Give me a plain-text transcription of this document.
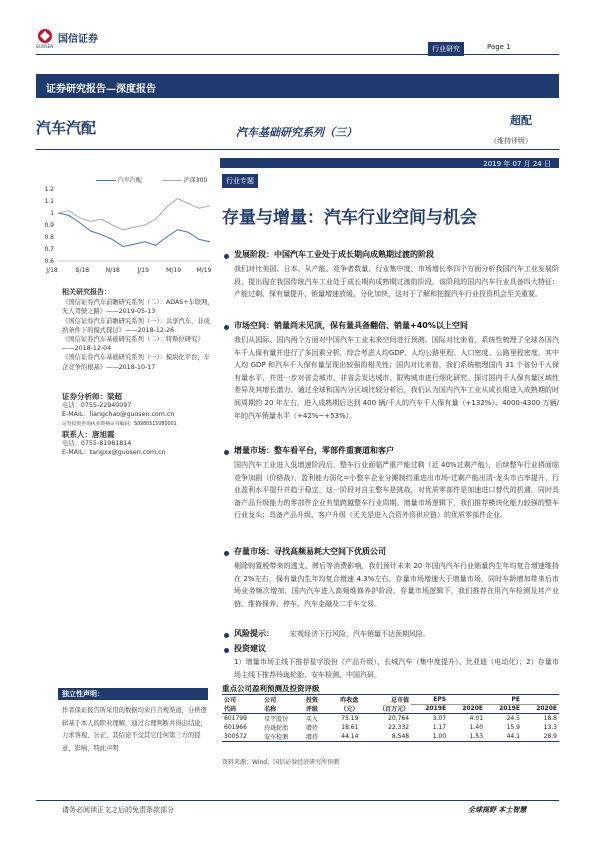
GUOSEN
国信证券
行业研究	Page 1
证券研究报告—深度报告
汽车汽配	汽车基础研究系列（三）
超配
（维持评级）
2019 年 07 月 24 日
汽车汽配	沪深300
1.2
1.1
1
0.9
0.8
0.7
0.6
J/18	S/18	N/18	J/19	M/19	M/19
相关研究报告：
《国信证券汽车前瞻研究系列（二）：ADAS+车联网，无人驾驶之路》——2019-05-13
《国信证券汽车前瞻研究系列（一）：共享汽车，非成熟条件下的模式探讨》——2018-12-26
《国信证券汽车基础研究系列（二）：特斯拉研究》——2018-12-04
《国信证券汽车基础研究系列（一）：模块化平台，车企竞争的根基》——2018-10-17
证券分析师：梁超
电话：0755-22940097
E-MAIL：liangchao@guosen.com.cn
证券投资咨询执业资格证书编码：S0980515080001
联系人：唐旭霞
电话：0755-81981814
E-MAIL：tangxx@guosen.com.cn
独立性声明：
作者保证报告所采用的数据均来自合规渠道，分析逻辑基于本人的职业理解，通过合理判断并得出结论，力求客观、公正，其结论不受其它任何第三方的授意、影响，特此声明
行业专题
存量与增量：汽车行业空间与机会
发展阶段：中国汽车工业处于成长期向成熟期过渡的阶段
我们对比美国、日本、从产能、竞争者数量、行业集中度、市场增长率四个方面分析我国汽车工业发展阶段，提出现在我国传统汽车工业处于成长期向成熟期过渡的阶段。该阶段的国内汽车行业具备四大特征：产能过剩、保有量提升、销量增速放缓、分化加快，这对于了解和把握汽车行业投资机会至关重要。
市场空间：销量尚未见顶，保有量具备翻倍、销量+40%以上空间
我们从国际、国内两个方面对中国汽车工业未来空间进行预测。国际对比来看，系统性梳理了全球各国汽车千人保有量并进行了多因素分析，综合考虑人均GDP、人均公路里程、人口密度、公路里程密度，其中人均 GDP 和汽车千人保有量呈现出较强的相关性；国内对比来看，我们系统梳理国内 31 个省份千人保有量水平，并进一步对省会城市、非省会发达城市、限购城市进行细化研究。探讨国内千人保有量区域性差异及其增长潜力。通过全球和国内分区域比较分析后，我们认为国内汽车工业从成长期进入成熟期的时间周期约 20 年左右，进入成熟期后达到 400 辆/千人的汽车千人保有量（+132%）、4000-4300 万辆/年的汽车销量水平（+42%~+53%）。
增量市场：整车看平台，零部件重赛道和客户
国内汽车工业进入低增速阶段后，整车行业面临严重产能过剩（近 40%过剩产能），后续整车行业将面临竞争加剧（价格战），盈利能力弱化=小整车企业分摊制约重进出市场-过剩产能出清-龙头市占率提升，行业盈利水平提升并趋于稳定，这一阶段对自主整车是挑战，对优质零部件是加速进口替代的机遇，同时具备产品升级能力的零部件企业有望跨越整车行业周期。增量市场逻辑下，我们推荐模块化能力较强的整车行业龙头；具备产品升级、客户升级（无关是进入合资外资供应链）的优质零部件企业。
存量市场：寻找高频易耗大空间下优质公司
剔除购置税带来的透支、滞后等消费影响，我们预计未来 20 年国内汽车行业销量内生年均复合增速维持在 2%左右，保有量内生年均复合增速 4.3%左右。存量市场增速大于增量市场，同时车龄增加带来后市场业务频次增加，国内汽车进入高频维修养护阶段，存量市场逻辑下，我们推荐在用汽车检测及其产业链、维修保养、停车、汽车金融及二手车交易。
风险提示： 宏观经济下行风险，汽车销量不达预期风险。
投资建议
1）增量市场主线下推荐星宇股份（产品升级）、长城汽车（集中度提升）、比亚迪（电动化）；2）存量市场主线下推荐玲珑轮胎、安车检测、中国汽研。
重点公司盈利预测及投资评级
公司	公司	投资	昨收盘	总市值	EPS		PE	
代码	名称	评级	（元）	（百万元）	2019E	2020E	2019E	2020E
601799	星宇股份	买入	75.19	20,764	3.07	4.01	24.5	18.8
601966	玲珑轮胎	增持	18.61	22,332	1.17	1.40	15.9	13.3
300572	安车检测	增持	44.14	8,548	1.00	1.53	44.1	28.9
资料来源：Wind、国信证券经济研究所预测
请务必阅读正文之后的免责条款部分	全球视野 本土智慧
